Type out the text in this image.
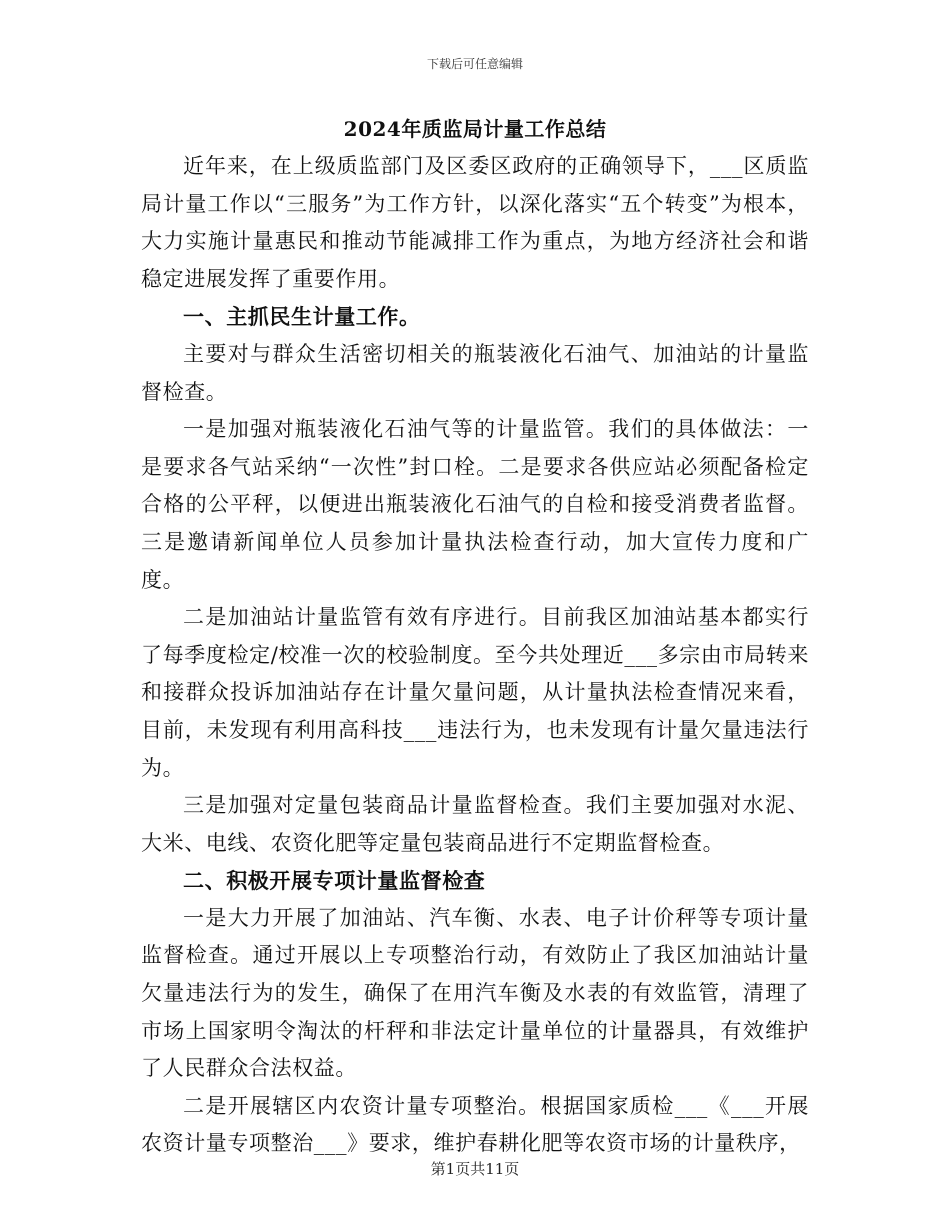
下载后可任意编辑
2024年质监局计量工作总结

近年来，在上级质监部门及区委区政府的正确领导下，___区质监局计量工作以“三服务”为工作方针，以深化落实“五个转变”为根本，大力实施计量惠民和推动节能减排工作为重点，为地方经济社会和谐稳定进展发挥了重要作用。

一、主抓民生计量工作。

主要对与群众生活密切相关的瓶装液化石油气、加油站的计量监督检查。

一是加强对瓶装液化石油气等的计量监管。我们的具体做法：一是要求各气站采纳“一次性”封口栓。二是要求各供应站必须配备检定合格的公平秤，以便进出瓶装液化石油气的自检和接受消费者监督。三是邀请新闻单位人员参加计量执法检查行动，加大宣传力度和广度。

二是加油站计量监管有效有序进行。目前我区加油站基本都实行了每季度检定/校准一次的校验制度。至今共处理近___多宗由市局转来和接群众投诉加油站存在计量欠量问题，从计量执法检查情况来看，目前，未发现有利用高科技___违法行为，也未发现有计量欠量违法行为。

三是加强对定量包装商品计量监督检查。我们主要加强对水泥、大米、电线、农资化肥等定量包装商品进行不定期监督检查。

二、积极开展专项计量监督检查

一是大力开展了加油站、汽车衡、水表、电子计价秤等专项计量监督检查。通过开展以上专项整治行动，有效防止了我区加油站计量欠量违法行为的发生，确保了在用汽车衡及水表的有效监管，清理了市场上国家明令淘汰的杆秤和非法定计量单位的计量器具，有效维护了人民群众合法权益。

二是开展辖区内农资计量专项整治。根据国家质检___《___开展农资计量专项整治___》要求，维护春耕化肥等农资市场的计量秩序，

第1页共11页
